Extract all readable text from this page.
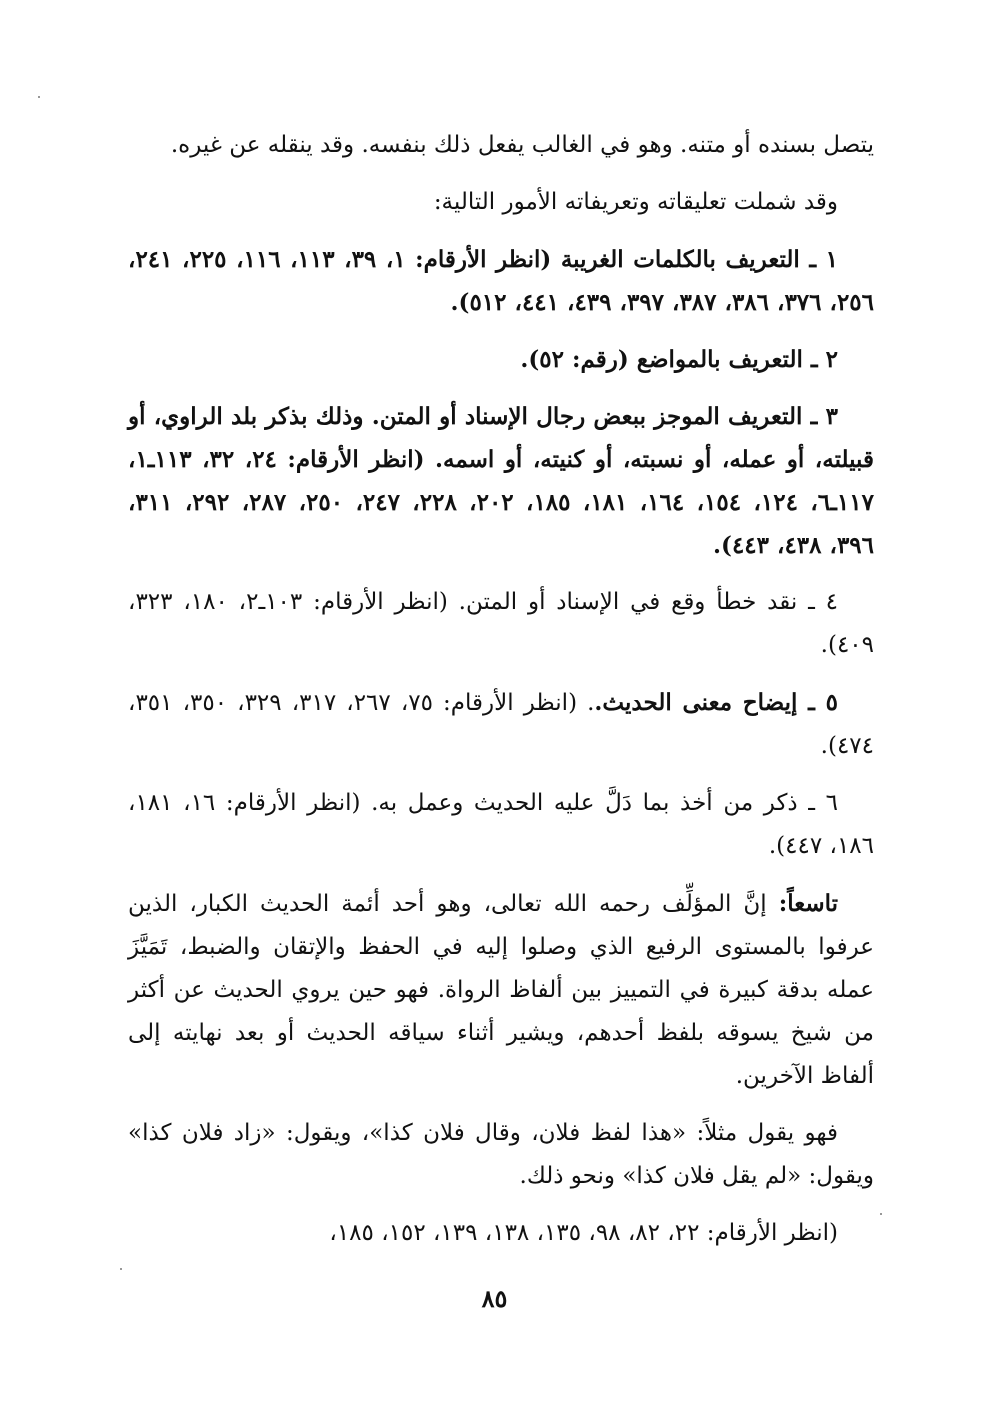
يتصل بسنده أو متنه. وهو في الغالب يفعل ذلك بنفسه. وقد ينقله عن غيره.

وقد شملت تعليقاته وتعريفاته الأمور التالية:

١ ـ التعريف بالكلمات الغريبة (انظر الأرقام: ١، ٣٩، ١١٣، ١١٦، ٢٢٥، ٢٤١، ٢٥٦، ٣٧٦، ٣٨٦، ٣٨٧، ٣٩٧، ٤٣٩، ٤٤١، ٥١٢).

٢ ـ التعريف بالمواضع (رقم: ٥٢).

٣ ـ التعريف الموجز ببعض رجال الإسناد أو المتن. وذلك بذكر بلد الراوي، أو قبيلته، أو عمله، أو نسبته، أو كنيته، أو اسمه. (انظر الأرقام: ٢٤، ٣٢، ١١٣ـ١، ١١٧ـ٦، ١٢٤، ١٥٤، ١٦٤، ١٨١، ١٨٥، ٢٠٢، ٢٢٨، ٢٤٧، ٢٥٠، ٢٨٧، ٢٩٢، ٣١١، ٣٩٦، ٤٣٨، ٤٤٣).

٤ ـ نقد خطأ وقع في الإسناد أو المتن. (انظر الأرقام: ١٠٣ـ٢، ١٨٠، ٣٢٣، ٤٠٩).

٥ ـ إيضاح معنى الحديث.. (انظر الأرقام: ٧٥، ٢٦٧، ٣١٧، ٣٢٩، ٣٥٠، ٣٥١، ٤٧٤).

٦ ـ ذكر من أخذ بما دَلَّ عليه الحديث وعمل به. (انظر الأرقام: ١٦، ١٨١، ١٨٦، ٤٤٧).

تاسعاً: إنَّ المؤلِّف رحمه الله تعالى، وهو أحد أئمة الحديث الكبار، الذين عرفوا بالمستوى الرفيع الذي وصلوا إليه في الحفظ والإتقان والضبط، تَمَيَّزَ عمله بدقة كبيرة في التمييز بين ألفاظ الرواة. فهو حين يروي الحديث عن أكثر من شيخ يسوقه بلفظ أحدهم، ويشير أثناء سياقه الحديث أو بعد نهايته إلى ألفاظ الآخرين.

فهو يقول مثلاً: «هذا لفظ فلان، وقال فلان كذا»، ويقول: «زاد فلان كذا» ويقول: «لم يقل فلان كذا» ونحو ذلك.

(انظر الأرقام: ٢٢، ٨٢، ٩٨، ١٣٥، ١٣٨، ١٣٩، ١٥٢، ١٨٥،

٨٥
